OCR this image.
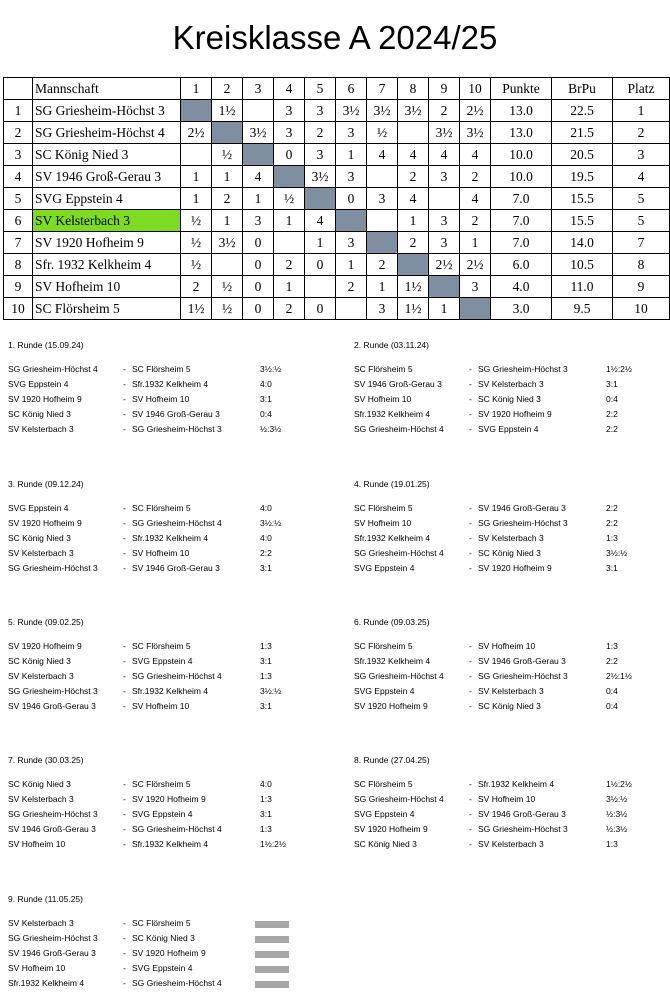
Kreisklasse A 2024/25
	Mannschaft	1	2	3	4	5	6	7	8	9	10	Punkte	BrPu	Platz
1	SG Griesheim-Höchst 3		1½		3	3	3½	3½	3½	2	2½	13.0	22.5	1
2	SG Griesheim-Höchst 4	2½		3½	3	2	3	½		3½	3½	13.0	21.5	2
3	SC König Nied 3		½		0	3	1	4	4	4	4	10.0	20.5	3
4	SV 1946 Groß-Gerau 3	1	1	4		3½	3		2	3	2	10.0	19.5	4
5	SVG Eppstein 4	1	2	1	½		0	3	4		4	7.0	15.5	5
6	SV Kelsterbach 3	½	1	3	1	4			1	3	2	7.0	15.5	5
7	SV 1920 Hofheim 9	½	3½	0		1	3		2	3	1	7.0	14.0	7
8	Sfr. 1932 Kelkheim 4	½		0	2	0	1	2		2½	2½	6.0	10.5	8
9	SV Hofheim 10	2	½	0	1		2	1	1½		3	4.0	11.0	9
10	SC Flörsheim 5	1½	½	0	2	0		3	1½	1		3.0	9.5	10
1. Runde (15.09.24)
SG Griesheim-Höchst 4	- SC Flörsheim 5	3½:½
SVG Eppstein 4	- Sfr.1932 Kelkheim 4	4:0
SV 1920 Hofheim 9	- SV Hofheim 10	3:1
SC König Nied 3	- SV 1946 Groß-Gerau 3	0:4
SV Kelsterbach 3	- SG Griesheim-Höchst 3	½:3½
2. Runde (03.11.24)
SC Flörsheim 5	- SG Griesheim-Höchst 3	1½:2½
SV 1946 Groß-Gerau 3	- SV Kelsterbach 3	3:1
SV Hofheim 10	- SC König Nied 3	0:4
Sfr.1932 Kelkheim 4	- SV 1920 Hofheim 9	2:2
SG Griesheim-Höchst 4	- SVG Eppstein 4	2:2
3. Runde (09.12.24)
SVG Eppstein 4	- SC Flörsheim 5	4:0
SV 1920 Hofheim 9	- SG Griesheim-Höchst 4	3½:½
SC König Nied 3	- Sfr.1932 Kelkheim 4	4:0
SV Kelsterbach 3	- SV Hofheim 10	2:2
SG Griesheim-Höchst 3	- SV 1946 Groß-Gerau 3	3:1
4. Runde (19.01.25)
SC Flörsheim 5	- SV 1946 Groß-Gerau 3	2:2
SV Hofheim 10	- SG Griesheim-Höchst 3	2:2
Sfr.1932 Kelkheim 4	- SV Kelsterbach 3	1:3
SG Griesheim-Höchst 4	- SC König Nied 3	3½:½
SVG Eppstein 4	- SV 1920 Hofheim 9	3:1
5. Runde (09.02.25)
SV 1920 Hofheim 9	- SC Flörsheim 5	1:3
SC König Nied 3	- SVG Eppstein 4	3:1
SV Kelsterbach 3	- SG Griesheim-Höchst 4	1:3
SG Griesheim-Höchst 3	- Sfr.1932 Kelkheim 4	3½:½
SV 1946 Groß-Gerau 3	- SV Hofheim 10	3:1
6. Runde (09.03.25)
SC Flörsheim 5	- SV Hofheim 10	1:3
Sfr.1932 Kelkheim 4	- SV 1946 Groß-Gerau 3	2:2
SG Griesheim-Höchst 4	- SG Griesheim-Höchst 3	2½:1½
SVG Eppstein 4	- SV Kelsterbach 3	0:4
SV 1920 Hofheim 9	- SC König Nied 3	0:4
7. Runde (30.03.25)
SC König Nied 3	- SC Flörsheim 5	4:0
SV Kelsterbach 3	- SV 1920 Hofheim 9	1:3
SG Griesheim-Höchst 3	- SVG Eppstein 4	3:1
SV 1946 Groß-Gerau 3	- SG Griesheim-Höchst 4	1:3
SV Hofheim 10	- Sfr.1932 Kelkheim 4	1½:2½
8. Runde (27.04.25)
SC Flörsheim 5	- Sfr.1932 Kelkheim 4	1½:2½
SG Griesheim-Höchst 4	- SV Hofheim 10	3½:½
SVG Eppstein 4	- SV 1946 Groß-Gerau 3	½:3½
SV 1920 Hofheim 9	- SG Griesheim-Höchst 3	½:3½
SC König Nied 3	- SV Kelsterbach 3	1:3
9. Runde (11.05.25)
SV Kelsterbach 3	- SC Flörsheim 5
SG Griesheim-Höchst 3	- SC König Nied 3
SV 1946 Groß-Gerau 3	- SV 1920 Hofheim 9
SV Hofheim 10	- SVG Eppstein 4
Sfr.1932 Kelkheim 4	- SG Griesheim-Höchst 4
